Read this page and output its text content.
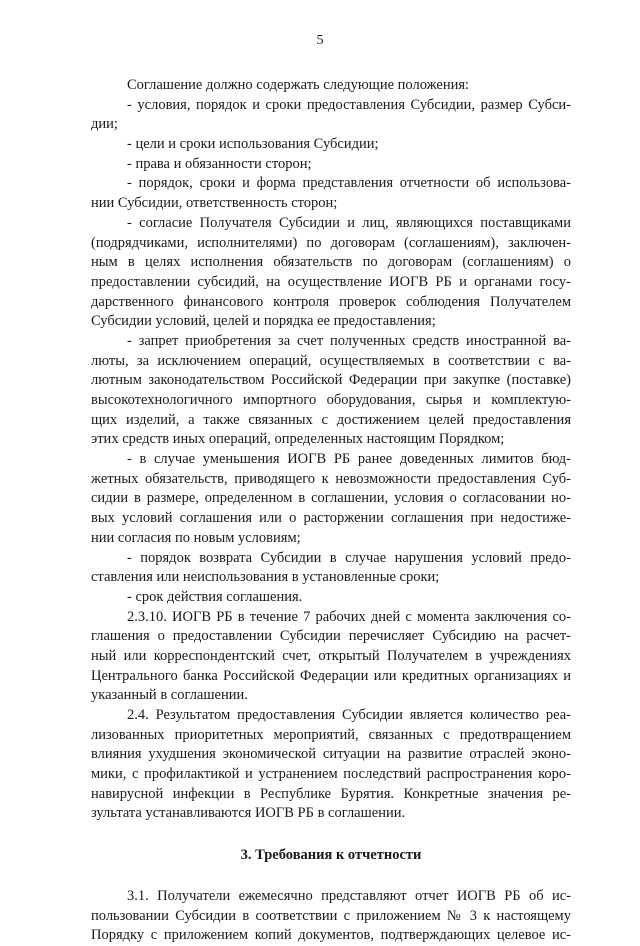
5
Соглашение должно содержать следующие положения:
- условия, порядок и сроки предоставления Субсидии, размер Субси-
дии;
- цели и сроки использования Субсидии;
- права и обязанности сторон;
- порядок, сроки и форма представления отчетности об использова-
нии Субсидии, ответственность сторон;
- согласие Получателя Субсидии и лиц, являющихся поставщиками
(подрядчиками, исполнителями) по договорам (соглашениям), заключен-
ным в целях исполнения обязательств по договорам (соглашениям) о
предоставлении субсидий, на осуществление ИОГВ РБ и органами госу-
дарственного финансового контроля проверок соблюдения Получателем
Субсидии условий, целей и порядка ее предоставления;
- запрет приобретения за счет полученных средств иностранной ва-
люты, за исключением операций, осуществляемых в соответствии с ва-
лютным законодательством Российской Федерации при закупке (поставке)
высокотехнологичного импортного оборудования, сырья и комплектую-
щих изделий, а также связанных с достижением целей предоставления
этих средств иных операций, определенных настоящим Порядком;
- в случае уменьшения ИОГВ РБ ранее доведенных лимитов бюд-
жетных обязательств, приводящего к невозможности предоставления Суб-
сидии в размере, определенном в соглашении, условия о согласовании но-
вых условий соглашения или о расторжении соглашения при недостиже-
нии согласия по новым условиям;
- порядок возврата Субсидии в случае нарушения условий предо-
ставления или неиспользования в установленные сроки;
- срок действия соглашения.
2.3.10. ИОГВ РБ в течение 7 рабочих дней с момента заключения со-
глашения о предоставлении Субсидии перечисляет Субсидию на расчет-
ный или корреспондентский счет, открытый Получателем в учреждениях
Центрального банка Российской Федерации или кредитных организациях и
указанный в соглашении.
2.4. Результатом предоставления Субсидии является количество реа-
лизованных приоритетных мероприятий, связанных с предотвращением
влияния ухудшения экономической ситуации на развитие отраслей эконо-
мики, с профилактикой и устранением последствий распространения коро-
навирусной инфекции в Республике Бурятия. Конкретные значения ре-
зультата устанавливаются ИОГВ РБ в соглашении.
3. Требования к отчетности
3.1. Получатели ежемесячно представляют отчет ИОГВ РБ об ис-
пользовании Субсидии в соответствии с приложением № 3 к настоящему
Порядку с приложением копий документов, подтверждающих целевое ис-
